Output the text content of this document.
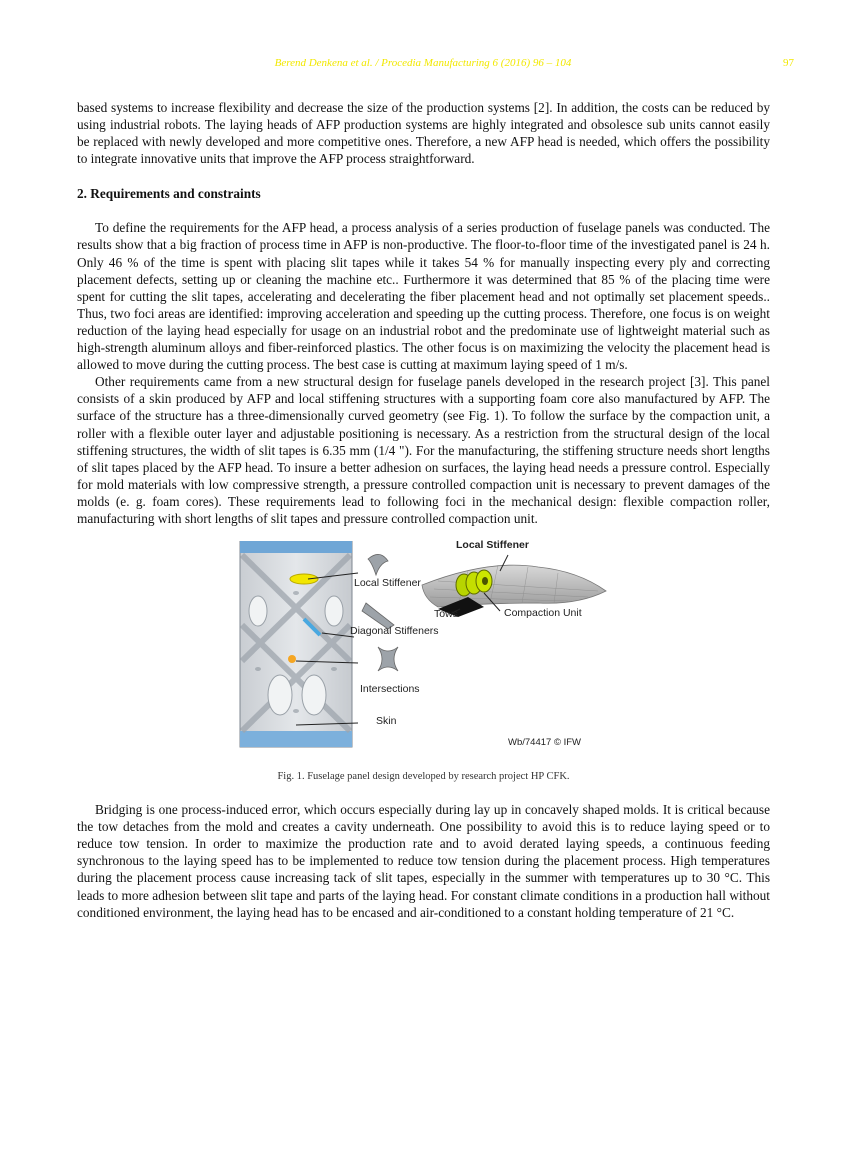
Berend Denkena et al. / Procedia Manufacturing 6 (2016) 96 – 104	97

based systems to increase flexibility and decrease the size of the production systems [2]. In addition, the costs can be reduced by using industrial robots. The laying heads of AFP production systems are highly integrated and obsolesce sub units cannot easily be replaced with newly developed and more competitive ones. Therefore, a new AFP head is needed, which offers the possibility to integrate innovative units that improve the AFP process straightforward.

2. Requirements and constraints

To define the requirements for the AFP head, a process analysis of a series production of fuselage panels was conducted. The results show that a big fraction of process time in AFP is non-productive. The floor-to-floor time of the investigated panel is 24 h. Only 46 % of the time is spent with placing slit tapes while it takes 54 % for manually inspecting every ply and correcting placement defects, setting up or cleaning the machine etc.. Furthermore it was determined that 85 % of the placing time were spent for cutting the slit tapes, accelerating and decelerating the fiber placement head and not optimally set placement speeds.. Thus, two foci areas are identified: improving acceleration and speeding up the cutting process. Therefore, one focus is on weight reduction of the laying head especially for usage on an industrial robot and the predominate use of lightweight material such as high-strength aluminum alloys and fiber-reinforced plastics. The other focus is on maximizing the velocity the placement head is allowed to move during the cutting process. The best case is cutting at maximum laying speed of 1 m/s.

Other requirements came from a new structural design for fuselage panels developed in the research project [3]. This panel consists of a skin produced by AFP and local stiffening structures with a supporting foam core also manufactured by AFP. The surface of the structure has a three-dimensionally curved geometry (see Fig. 1). To follow the surface by the compaction unit, a roller with a flexible outer layer and adjustable positioning is necessary. As a restriction from the structural design of the local stiffening structures, the width of slit tapes is 6.35 mm (1/4 "). For the manufacturing, the stiffening structure needs short lengths of slit tapes placed by the AFP head. To insure a better adhesion on surfaces, the laying head needs a pressure control. Especially for mold materials with low compressive strength, a pressure controlled compaction unit is necessary to prevent damages of the molds (e. g. foam cores). These requirements lead to following foci in the mechanical design: flexible compaction roller, manufacturing with short lengths of slit tapes and pressure controlled compaction unit.

Local Stiffener
Local Stiffener
Diagonal Stiffeners
Intersections
Skin
Tows	Compaction Unit
Wb/74417 © IFW
Fig. 1. Fuselage panel design developed by research project HP CFK.

Bridging is one process-induced error, which occurs especially during lay up in concavely shaped molds. It is critical because the tow detaches from the mold and creates a cavity underneath. One possibility to avoid this is to reduce laying speed or to reduce tow tension. In order to maximize the production rate and to avoid derated laying speeds, a continuous feeding synchronous to the laying speed has to be implemented to reduce tow tension during the placement process. High temperatures during the placement process cause increasing tack of slit tapes, especially in the summer with temperatures up to 30 °C. This leads to more adhesion between slit tape and parts of the laying head. For constant climate conditions in a production hall without conditioned environment, the laying head has to be encased and air-conditioned to a constant holding temperature of 21 °C.
